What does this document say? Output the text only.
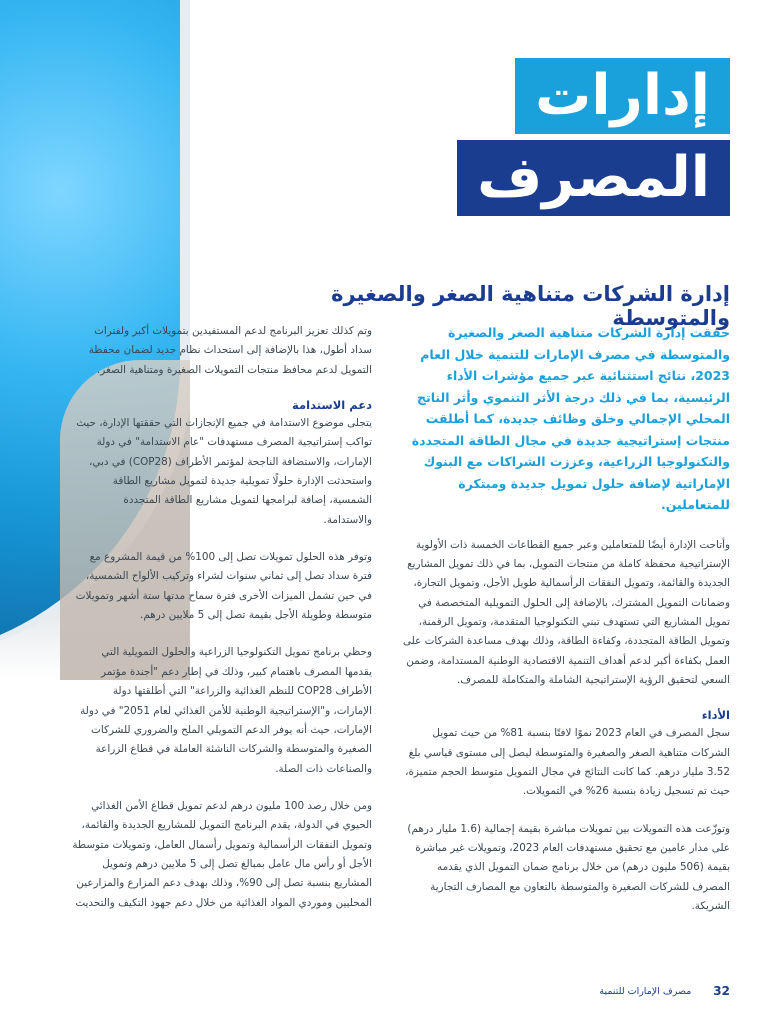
إدارات
المصرف
إدارة الشركات متناهية الصغر والصغيرة والمتوسطة

حققت إدارة الشركات متناهية الصغر والصغيرة والمتوسطة في مصرف الإمارات للتنمية خلال العام 2023، نتائج استثنائية عبر جميع مؤشرات الأداء الرئيسية، بما في ذلك درجة الأثر التنموي وأثر الناتج المحلي الإجمالي وخلق وظائف جديدة، كما أطلقت منتجات إستراتيجية جديدة في مجال الطاقة المتجددة والتكنولوجيا الزراعية، وعززت الشراكات مع البنوك الإماراتية لإضافة حلول تمويل جديدة ومبتكرة للمتعاملين.

وأتاحت الإدارة أيضًا للمتعاملين وعبر جميع القطاعات الخمسة ذات الأولوية الإستراتيجية محفظة كاملة من منتجات التمويل، بما في ذلك تمويل المشاريع الجديدة والقائمة، وتمويل النفقات الرأسمالية طويل الأجل، وتمويل التجارة، وضمانات التمويل المشترك، بالإضافة إلى الحلول التمويلية المتخصصة في تمويل المشاريع التي تستهدف تبني التكنولوجيا المتقدمة، وتمويل الرقمنة، وتمويل الطاقة المتجددة، وكفاءة الطاقة، وذلك بهدف مساعدة الشركات على العمل بكفاءة أكبر لدعم أهداف التنمية الاقتصادية الوطنية المستدامة، وضمن السعي لتحقيق الرؤية الإستراتيجية الشاملة والمتكاملة للمصرف.

الأداء

سجل المصرف في العام 2023 نموًا لافتًا بنسبة 81% من حيث تمويل الشركات متناهية الصغر والصغيرة والمتوسطة ليصل إلى مستوى قياسي بلغ 3.52 مليار درهم. كما كانت النتائج في مجال التمويل متوسط الحجم متميزة، حيث تم تسجيل زيادة بنسبة 26% في التمويلات.

وتوزّعت هذه التمويلات بين تمويلات مباشرة بقيمة إجمالية (1.6 مليار درهم) على مدار عامين مع تحقيق مستهدفات العام 2023، وتمويلات غير مباشرة بقيمة (506 مليون درهم) من خلال برنامج ضمان التمويل الذي يقدمه المصرف للشركات الصغيرة والمتوسطة بالتعاون مع المصارف التجارية الشريكة.

وتم كذلك تعزيز البرنامج لدعم المستفيدين بتمويلات أكبر ولفترات سداد أطول، هذا بالإضافة إلى استحداث نظام جديد لضمان محفظة التمويل لدعم محافظ منتجات التمويلات الصغيرة ومتناهية الصغر.

دعم الاستدامة

يتجلى موضوع الاستدامة في جميع الإنجازات التي حققتها الإدارة، حيث تواكب إستراتيجية المصرف مستهدفات "عام الاستدامة" في دولة الإمارات، والاستضافة الناجحة لمؤتمر الأطراف (COP28) في دبي، واستحدثت الإدارة حلولًا تمويلية جديدة لتمويل مشاريع الطاقة الشمسية، إضافة لبرامجها لتمويل مشاريع الطاقة المتجددة والاستدامة.

وتوفر هذه الحلول تمويلات تصل إلى 100% من قيمة المشروع مع فترة سداد تصل إلى ثماني سنوات لشراء وتركيب الألواح الشمسية، في حين تشمل الميزات الأخرى فترة سماح مدتها ستة أشهر وتمويلات متوسطة وطويلة الأجل بقيمة تصل إلى 5 ملايين درهم.

وحظي برنامج تمويل التكنولوجيا الزراعية والحلول التمويلية التي يقدمها المصرف باهتمام كبير، وذلك في إطار دعم "أجندة مؤتمر الأطراف COP28 للنظم الغذائية والزراعة" التي أطلقتها دولة الإمارات، و"الإستراتيجية الوطنية للأمن الغذائي لعام 2051" في دولة الإمارات، حيث أنه يوفر الدعم التمويلي الملح والضروري للشركات الصغيرة والمتوسطة والشركات الناشئة العاملة في قطاع الزراعة والصناعات ذات الصلة.

ومن خلال رصد 100 مليون درهم لدعم تمويل قطاع الأمن الغذائي الحيوي في الدولة، يقدم البرنامج التمويل للمشاريع الجديدة والقائمة، وتمويل النفقات الرأسمالية وتمويل رأسمال العامل، وتمويلات متوسطة الأجل أو رأس مال عامل بمبالغ تصل إلى 5 ملايين درهم وتمويل المشاريع بنسبة تصل إلى 90%، وذلك بهدف دعم المزارع والمزارعين المحليين وموردي المواد الغذائية من خلال دعم جهود التكيف والتحديث

32
مصرف الإمارات للتنمية
